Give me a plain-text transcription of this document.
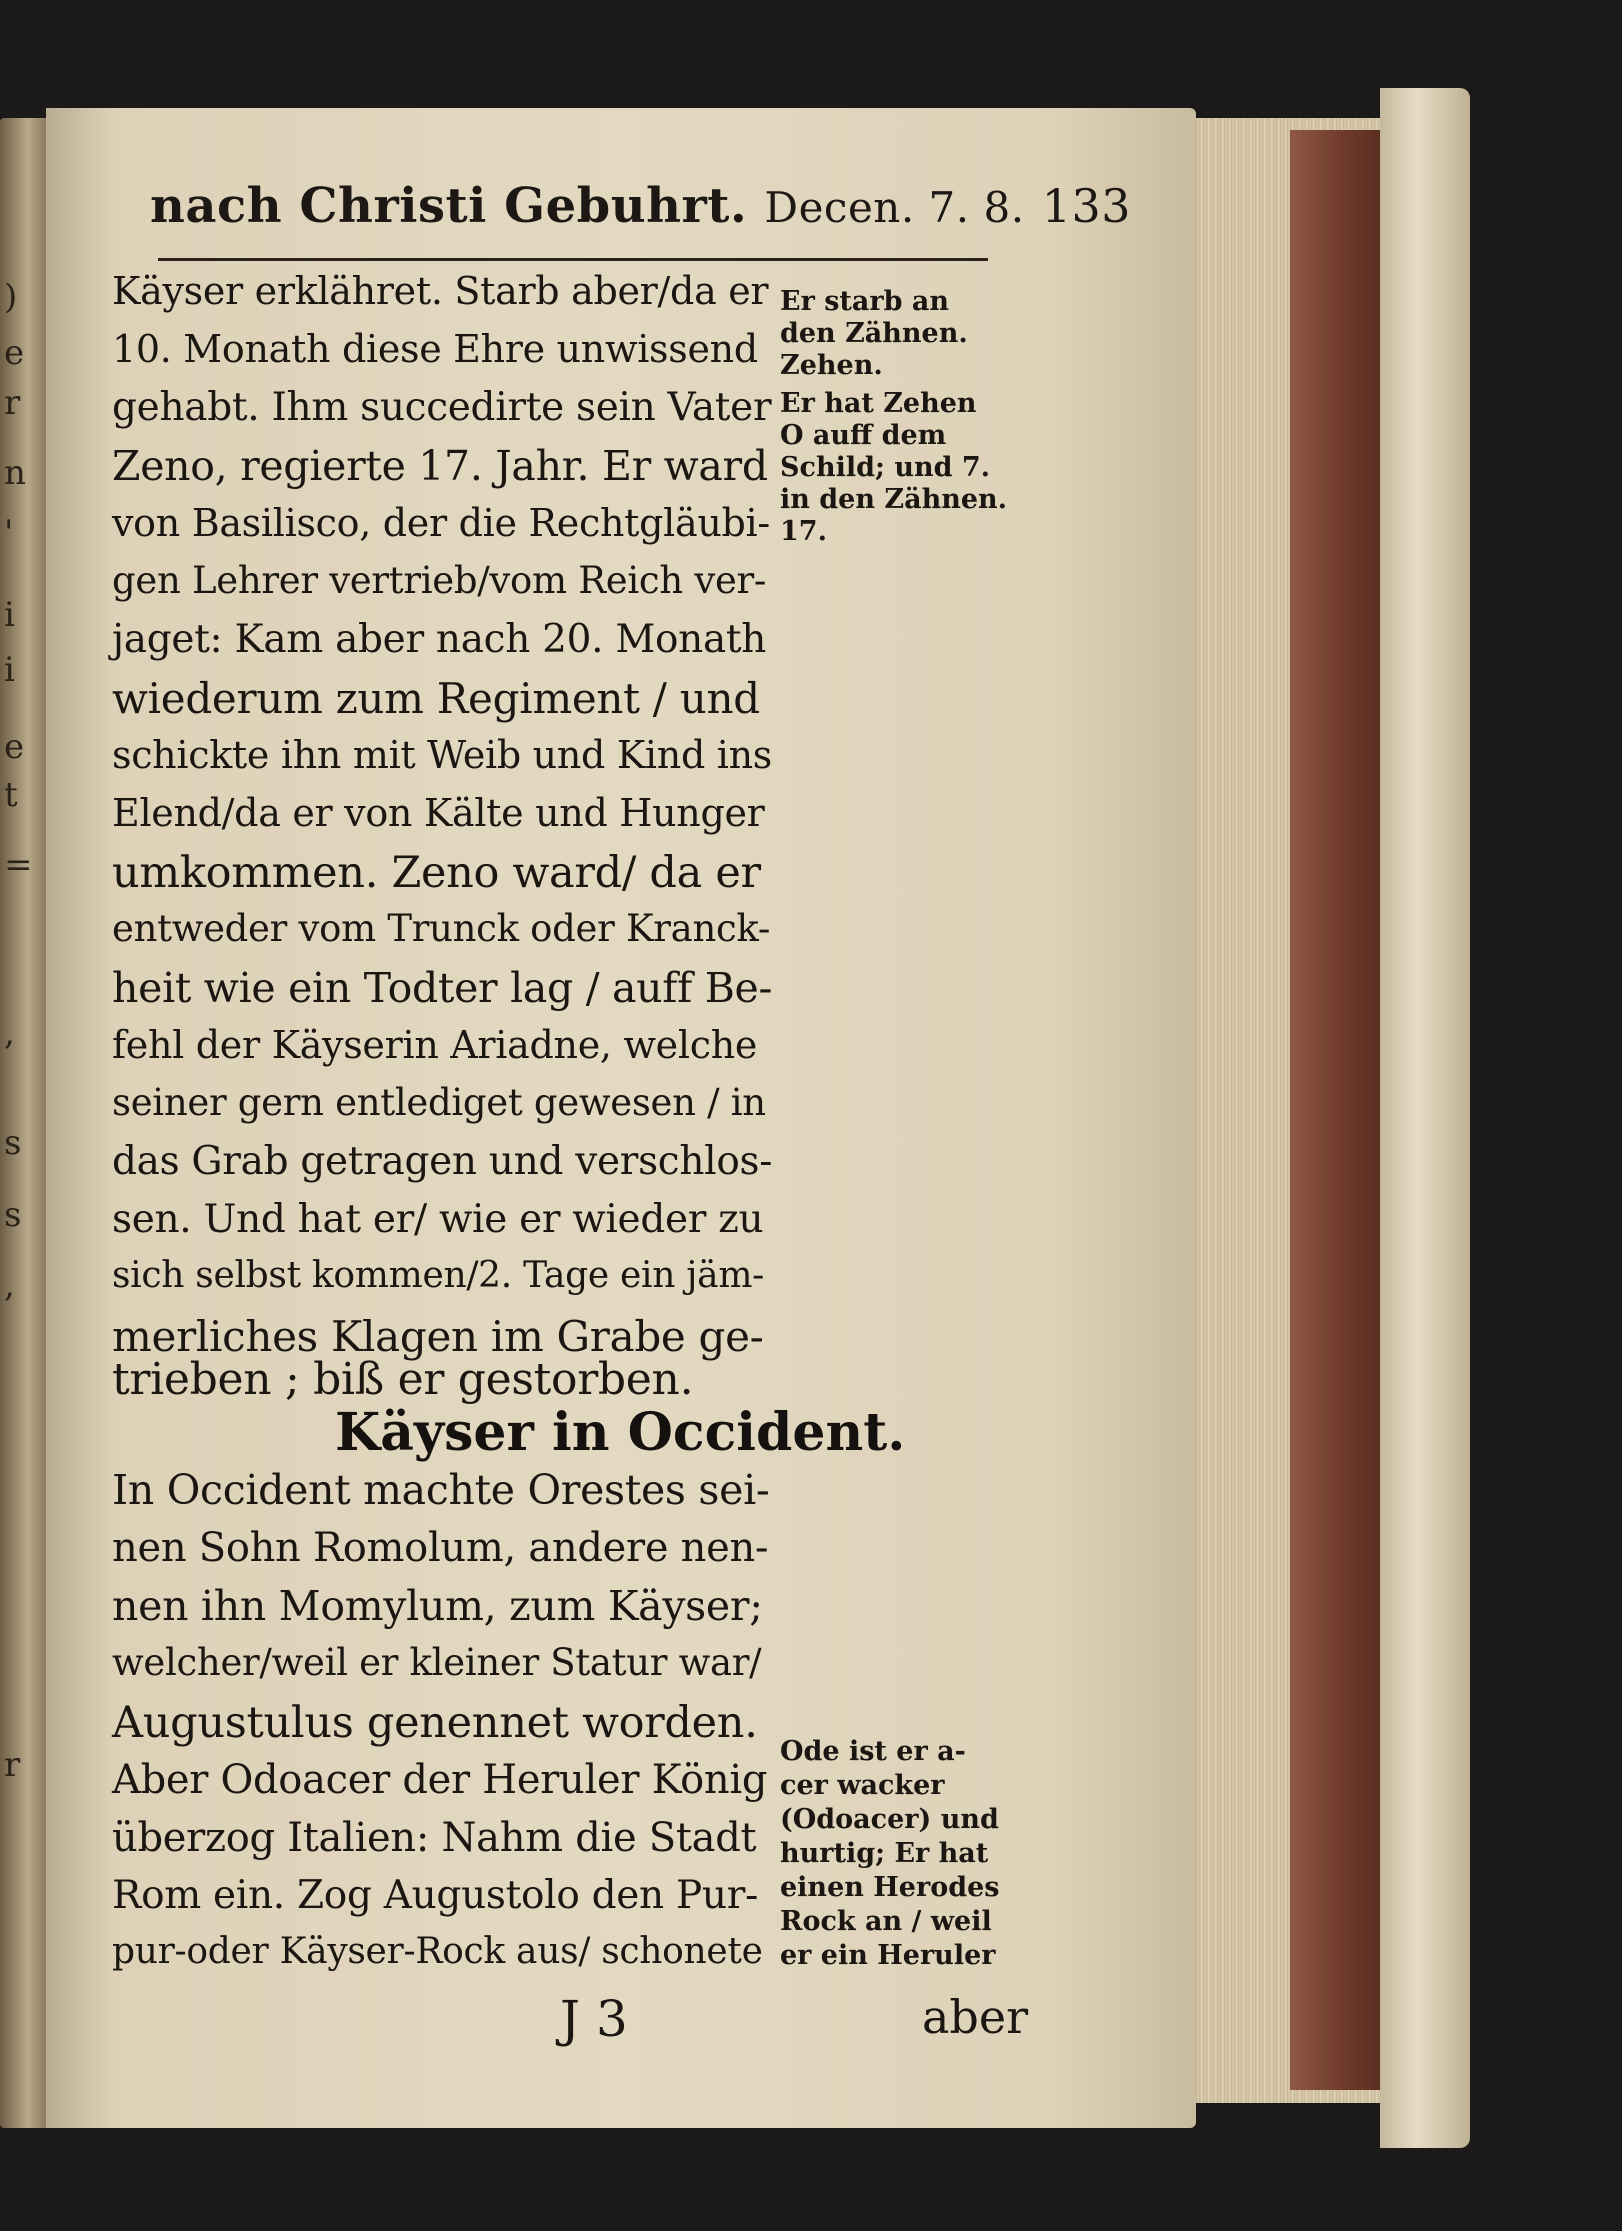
)
e
r
n
'
i
i
e
t
=
,
s
s
,
r
nach Christi Gebuhrt. Decen. 7. 8. 133
Käyser erklähret. Starb aber/da er
10. Monath diese Ehre unwissend
gehabt. Ihm succedirte sein Vater
Zeno, regierte 17. Jahr. Er ward
von Basilisco, der die Rechtgläubi-
gen Lehrer vertrieb/vom Reich ver-
jaget: Kam aber nach 20. Monath
wiederum zum Regiment / und
schickte ihn mit Weib und Kind ins
Elend/da er von Kälte und Hunger
umkommen. Zeno ward/ da er
entweder vom Trunck oder Kranck-
heit wie ein Todter lag / auff Be-
fehl der Käyserin Ariadne, welche
seiner gern entlediget gewesen / in
das Grab getragen und verschlos-
sen. Und hat er/ wie er wieder zu
sich selbst kommen/2. Tage ein jäm-
merliches Klagen im Grabe ge-
trieben ; biß er gestorben.
Käyser in Occident.
In Occident machte Orestes sei-
nen Sohn Romolum, andere nen-
nen ihn Momylum, zum Käyser;
welcher/weil er kleiner Statur war/
Augustulus genennet worden.
Aber Odoacer der Heruler König
überzog Italien: Nahm die Stadt
Rom ein. Zog Augustolo den Pur-
pur-oder Käyser-Rock aus/ schonete
Er starb an
den Zähnen.
Zehen.
Er hat Zehen
O auff dem
Schild; und 7.
in den Zähnen.
17.
Ode ist er a-
cer wacker
(Odoacer) und
hurtig; Er hat
einen Herodes
Rock an / weil
er ein Heruler
J 3	aber
